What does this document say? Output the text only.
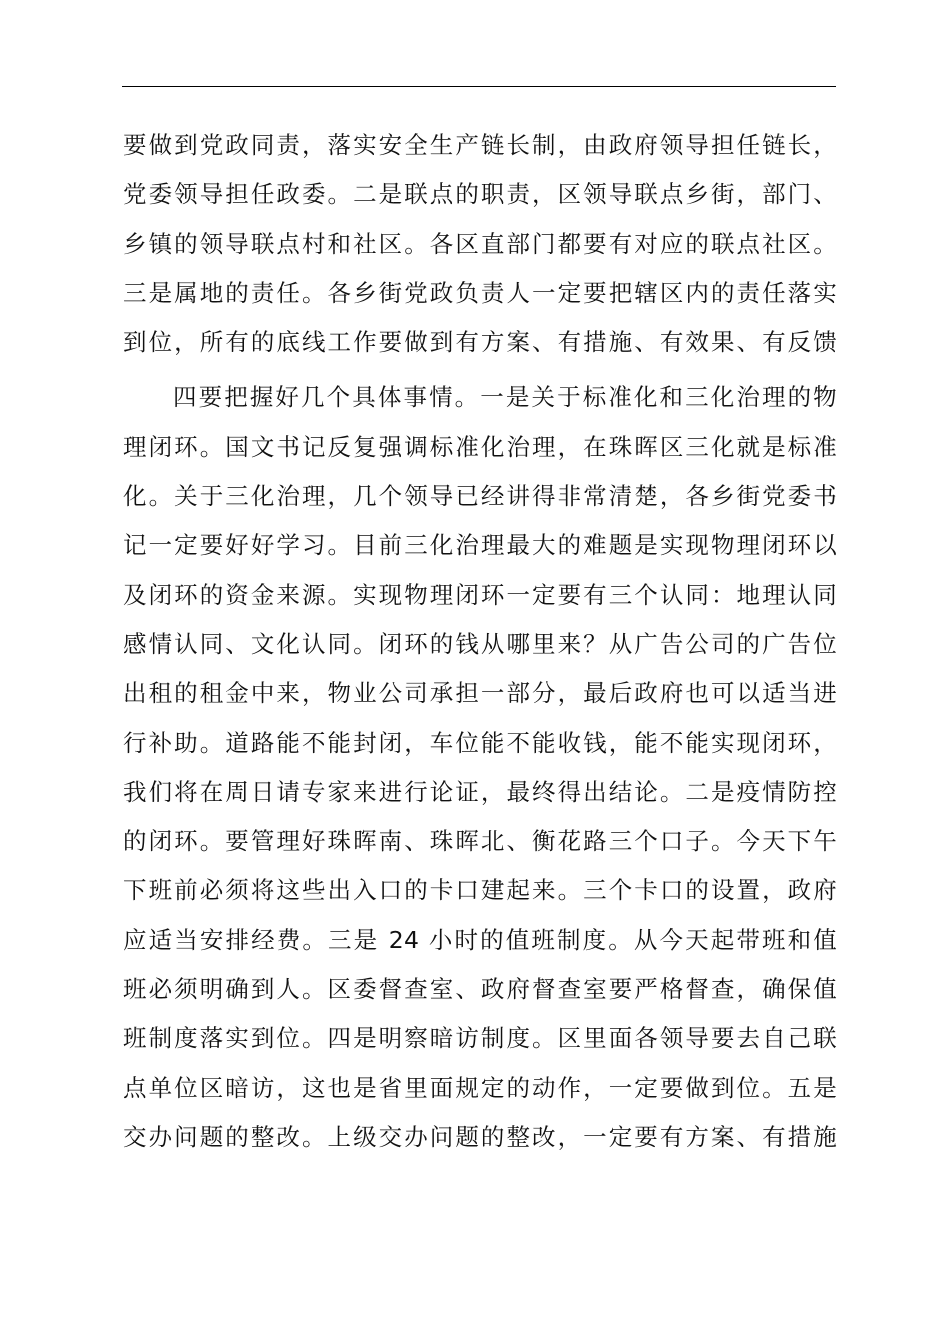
要做到党政同责，落实安全生产链长制，由政府领导担任链长，
党委领导担任政委。二是联点的职责，区领导联点乡街，部门、
乡镇的领导联点村和社区。各区直部门都要有对应的联点社区。
三是属地的责任。各乡街党政负责人一定要把辖区内的责任落实
到位，所有的底线工作要做到有方案、有措施、有效果、有反馈
四要把握好几个具体事情。一是关于标准化和三化治理的物
理闭环。国文书记反复强调标准化治理，在珠晖区三化就是标准
化。关于三化治理，几个领导已经讲得非常清楚，各乡街党委书
记一定要好好学习。目前三化治理最大的难题是实现物理闭环以
及闭环的资金来源。实现物理闭环一定要有三个认同：地理认同
感情认同、文化认同。闭环的钱从哪里来？从广告公司的广告位
出租的租金中来，物业公司承担一部分，最后政府也可以适当进
行补助。道路能不能封闭，车位能不能收钱，能不能实现闭环，
我们将在周日请专家来进行论证，最终得出结论。二是疫情防控
的闭环。要管理好珠晖南、珠晖北、衡花路三个口子。今天下午
下班前必须将这些出入口的卡口建起来。三个卡口的设置，政府
应适当安排经费。三是 24 小时的值班制度。从今天起带班和值
班必须明确到人。区委督查室、政府督查室要严格督查，确保值
班制度落实到位。四是明察暗访制度。区里面各领导要去自己联
点单位区暗访，这也是省里面规定的动作，一定要做到位。五是
交办问题的整改。上级交办问题的整改，一定要有方案、有措施
